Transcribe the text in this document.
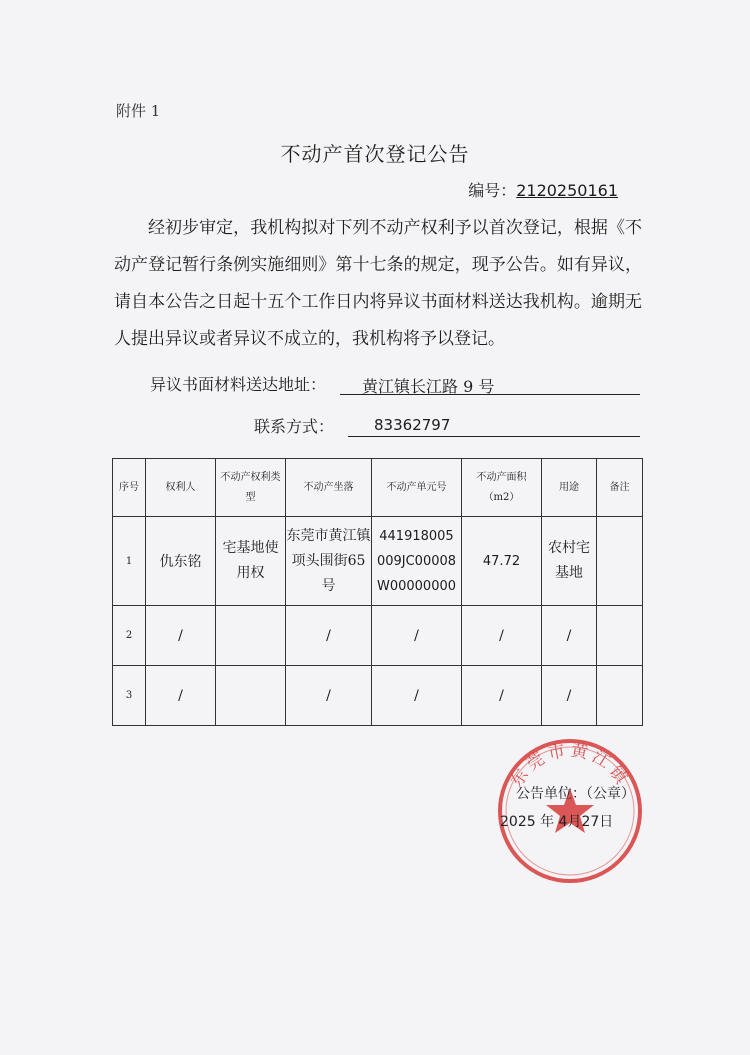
附件 1
不动产首次登记公告
编号：2120250161
经初步审定，我机构拟对下列不动产权利予以首次登记，根据《不动产登记暂行条例实施细则》第十七条的规定，现予公告。如有异议，请自本公告之日起十五个工作日内将异议书面材料送达我机构。逾期无人提出异议或者异议不成立的，我机构将予以登记。
异议书面材料送达地址：	黄江镇长江路 9 号
联系方式：	83362797
序号	权利人	不动产权利类型	不动产坐落	不动产单元号	不动产面积（m2）	用途	备注
1	仇东铭	宅基地使用权	东莞市黄江镇项头围街65号	441918005009JC00008W00000000	47.72	农村宅基地	
2	/		/	/	/	/	
3	/		/	/	/	/	
东莞市黄江镇
公告单位：（公章）
2025 年 4月27日
